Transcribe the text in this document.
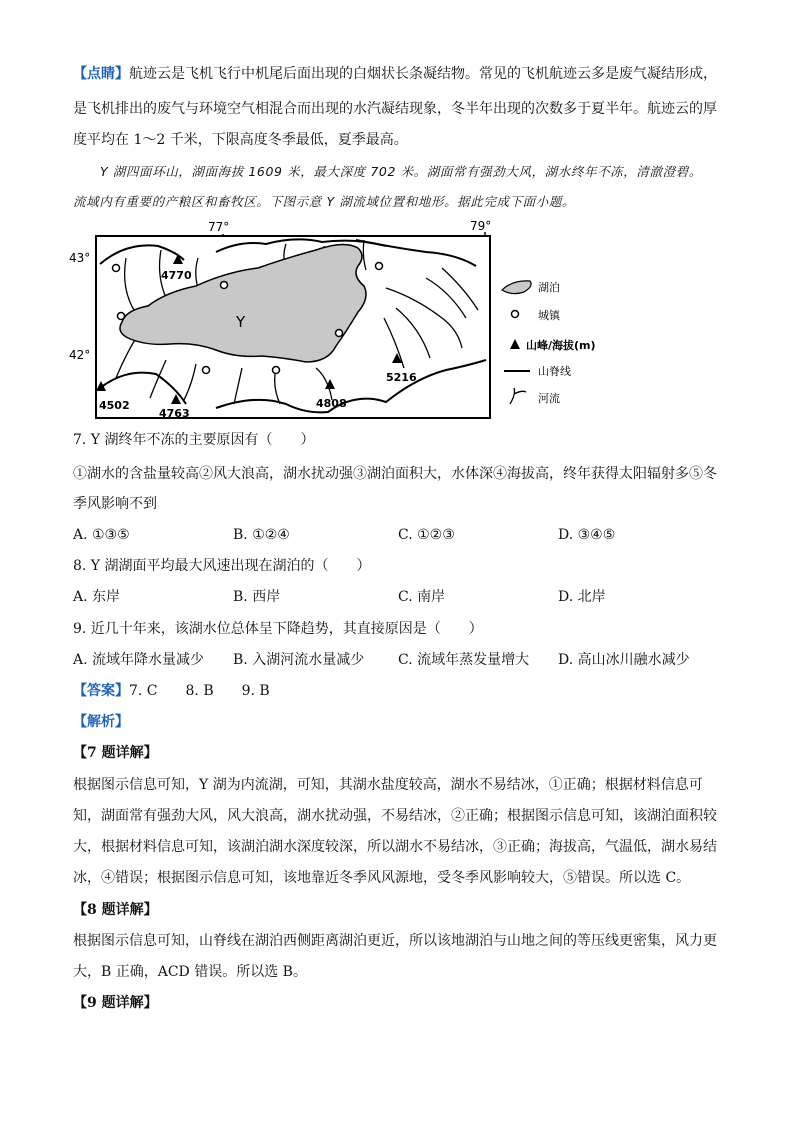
【点睛】航迹云是飞机飞行中机尾后面出现的白烟状长条凝结物。常见的飞机航迹云多是废气凝结形成，
是飞机排出的废气与环境空气相混合而出现的水汽凝结现象，冬半年出现的次数多于夏半年。航迹云的厚
度平均在 1～2 千米，下限高度冬季最低，夏季最高。
Y 湖四面环山，湖面海拔 1609 米，最大深度 702 米。湖面常有强劲大风，湖水终年不冻，清澈澄碧。
流域内有重要的产粮区和畜牧区。下图示意 Y 湖流域位置和地形。据此完成下面小题。
77°	79°
43°
42°
Y
4770
4502
4763
4808
5216
湖泊
城镇
山峰/海拔(m)
山脊线
河流
7. Y 湖终年不冻的主要原因有（　　）
①湖水的含盐量较高②风大浪高，湖水扰动强③湖泊面积大，水体深④海拔高，终年获得太阳辐射多⑤冬
季风影响不到
A. ①③⑤	B. ①②④	C. ①②③	D. ③④⑤
8. Y 湖湖面平均最大风速出现在湖泊的（　　）
A. 东岸	B. 西岸	C. 南岸	D. 北岸
9. 近几十年来，该湖水位总体呈下降趋势，其直接原因是（　　）
A. 流域年降水量减少 B. 入湖河流水量减少 C. 流域年蒸发量增大 D. 高山冰川融水减少
【答案】7. C　　8. B　　9. B
【解析】
【7 题详解】
根据图示信息可知，Y 湖为内流湖，可知，其湖水盐度较高，湖水不易结冰，①正确；根据材料信息可
知，湖面常有强劲大风，风大浪高，湖水扰动强，不易结冰，②正确；根据图示信息可知，该湖泊面积较
大，根据材料信息可知，该湖泊湖水深度较深，所以湖水不易结冰，③正确；海拔高，气温低，湖水易结
冰，④错误；根据图示信息可知，该地靠近冬季风风源地，受冬季风影响较大，⑤错误。所以选 C。
【8 题详解】
根据图示信息可知，山脊线在湖泊西侧距离湖泊更近，所以该地湖泊与山地之间的等压线更密集，风力更
大，B 正确，ACD 错误。所以选 B。
【9 题详解】
